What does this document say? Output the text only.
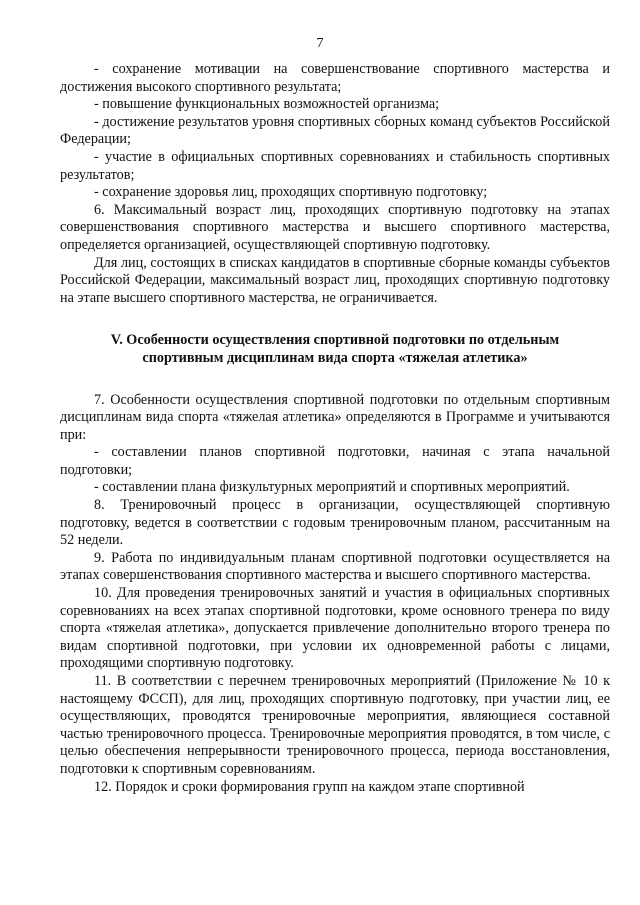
7

- сохранение мотивации на совершенствование спортивного мастерства и достижения высокого спортивного результата;

- повышение функциональных возможностей организма;

- достижение результатов уровня спортивных сборных команд субъектов Российской Федерации;

- участие в официальных спортивных соревнованиях и стабильность спортивных результатов;

- сохранение здоровья лиц, проходящих спортивную подготовку;

6. Максимальный возраст лиц, проходящих спортивную подготовку на этапах совершенствования спортивного мастерства и высшего спортивного мастерства, определяется организацией, осуществляющей спортивную подготовку.

Для лиц, состоящих в списках кандидатов в спортивные сборные команды субъектов Российской Федерации, максимальный возраст лиц, проходящих спортивную подготовку на этапе высшего спортивного мастерства, не ограничивается.

V. Особенности осуществления спортивной подготовки по отдельным
спортивным дисциплинам вида спорта «тяжелая атлетика»

7. Особенности осуществления спортивной подготовки по отдельным спортивным дисциплинам вида спорта «тяжелая атлетика» определяются в Программе и учитываются при:

- составлении планов спортивной подготовки, начиная с этапа начальной подготовки;

- составлении плана физкультурных мероприятий и спортивных мероприятий.

8. Тренировочный процесс в организации, осуществляющей спортивную подготовку, ведется в соответствии с годовым тренировочным планом, рассчитанным на 52 недели.

9. Работа по индивидуальным планам спортивной подготовки осуществляется на этапах совершенствования спортивного мастерства и высшего спортивного мастерства.

10. Для проведения тренировочных занятий и участия в официальных спортивных соревнованиях на всех этапах спортивной подготовки, кроме основного тренера по виду спорта «тяжелая атлетика», допускается привлечение дополнительно второго тренера по видам спортивной подготовки, при условии их одновременной работы с лицами, проходящими спортивную подготовку.

11. В соответствии с перечнем тренировочных мероприятий (Приложение № 10 к настоящему ФССП), для лиц, проходящих спортивную подготовку, при участии лиц, ее осуществляющих, проводятся тренировочные мероприятия, являющиеся составной частью тренировочного процесса. Тренировочные мероприятия проводятся, в том числе, с целью обеспечения непрерывности тренировочного процесса, периода восстановления, подготовки к спортивным соревнованиям.

12. Порядок и сроки формирования групп на каждом этапе спортивной
